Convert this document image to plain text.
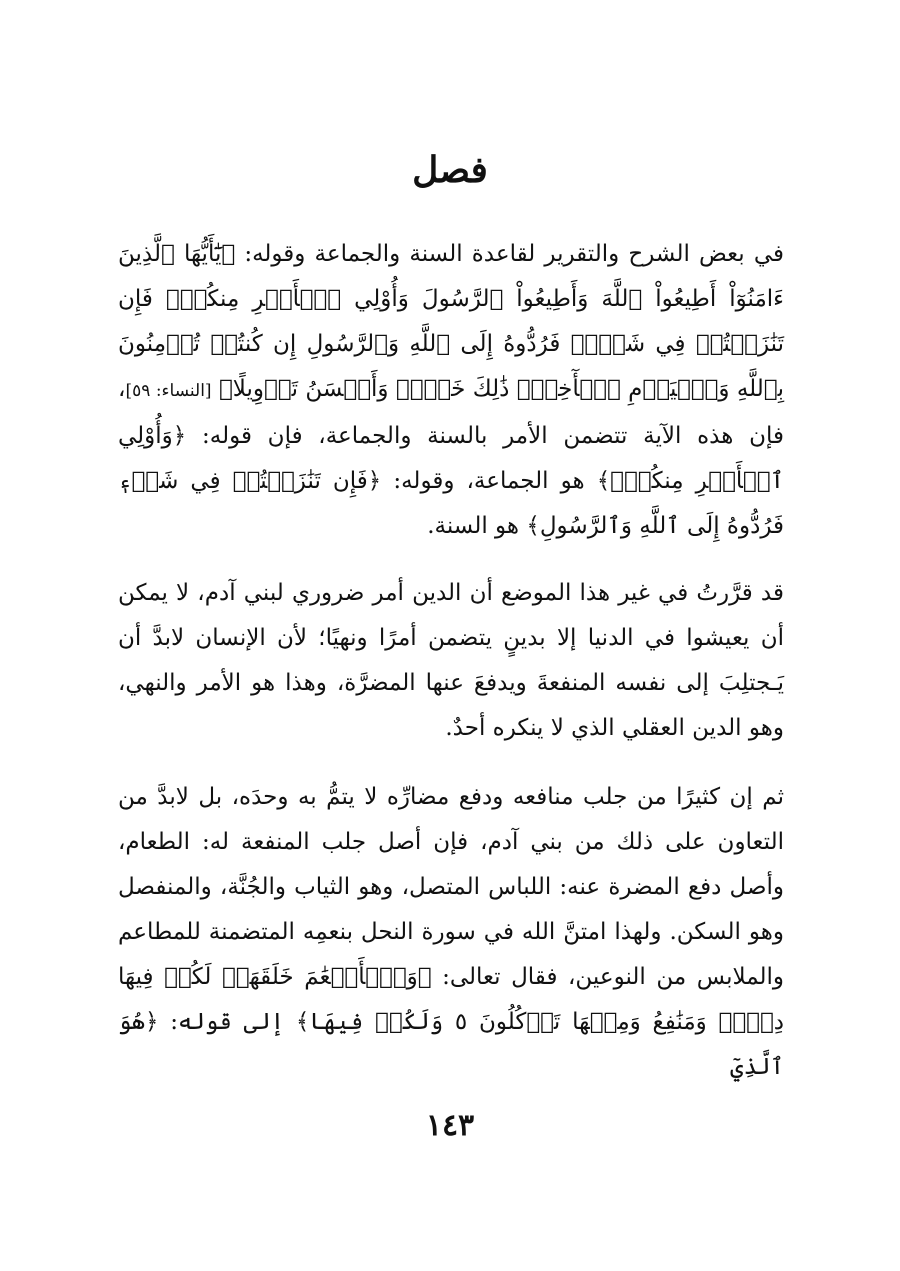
فصل

في بعض الشرح والتقرير لقاعدة السنة والجماعة وقوله: ﴿يَٰٓأَيُّهَا ٱلَّذِينَ ءَامَنُوٓاْ أَطِيعُواْ ٱللَّهَ وَأَطِيعُواْ ٱلرَّسُولَ وَأُوْلِي ٱلۡأَمۡرِ مِنكُمۡۖ فَإِن تَنَٰزَعۡتُمۡ فِي شَيۡءٖ فَرُدُّوهُ إِلَى ٱللَّهِ وَٱلرَّسُولِ إِن كُنتُمۡ تُؤۡمِنُونَ بِٱللَّهِ وَٱلۡيَوۡمِ ٱلۡأٓخِرِۚ ذَٰلِكَ خَيۡرٞ وَأَحۡسَنُ تَأۡوِيلًا﴾ [النساء: ٥٩]، فإن هذه الآية تتضمن الأمر بالسنة والجماعة، فإن قوله: ﴿وَأُوْلِي ٱلۡأَمۡرِ مِنكُمۡۖ﴾ هو الجماعة، وقوله: ﴿فَإِن تَنَٰزَعۡتُمۡ فِي شَيۡءٖ فَرُدُّوهُ إِلَى ٱللَّهِ وَٱلرَّسُولِ﴾ هو السنة.

قد قرَّرتُ في غير هذا الموضع أن الدين أمر ضروري لبني آدم، لا يمكن أن يعيشوا في الدنيا إلا بدينٍ يتضمن أمرًا ونهيًا؛ لأن الإنسان لابدَّ أن يَـجتلِبَ إلى نفسه المنفعةَ ويدفعَ عنها المضرَّة، وهذا هو الأمر والنهي، وهو الدين العقلي الذي لا ينكره أحدٌ.

ثم إن كثيرًا من جلب منافعه ودفع مضارِّه لا يتمُّ به وحدَه، بل لابدَّ من التعاون على ذلك من بني آدم، فإن أصل جلب المنفعة له: الطعام، وأصل دفع المضرة عنه: اللباس المتصل، وهو الثياب والجُنَّة، والمنفصل وهو السكن. ولهذا امتنَّ الله في سورة النحل بنعمِه المتضمنة للمطاعم والملابس من النوعين، فقال تعالى: ﴿وَٱلۡأَنۡعَٰمَ خَلَقَهَاۖ لَكُمۡ فِيهَا دِفۡءٞ وَمَنَٰفِعُ وَمِنۡهَا تَأۡكُلُونَ ٥ وَلَكُمۡ فِيهَا﴾ إلى قوله: ﴿هُوَ ٱلَّذِيٓ

١٤٣
